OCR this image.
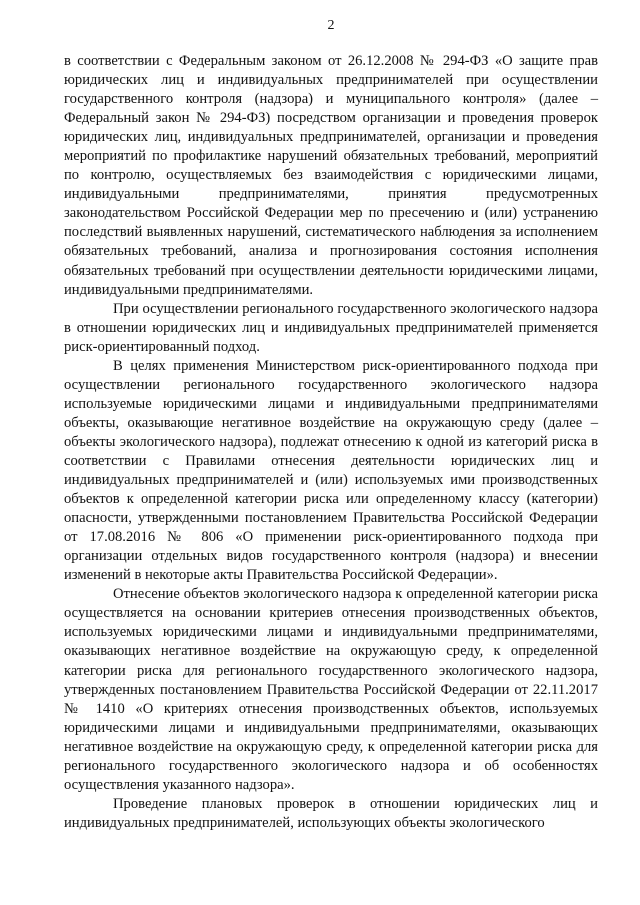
2

в соответствии с Федеральным законом от 26.12.2008 № 294-ФЗ «О защите прав юридических лиц и индивидуальных предпринимателей при осуществлении государственного контроля (надзора) и муниципального контроля» (далее – Федеральный закон № 294-ФЗ) посредством организации и проведения проверок юридических лиц, индивидуальных предпринимателей, организации и проведения мероприятий по профилактике нарушений обязательных требований, мероприятий по контролю, осуществляемых без взаимодействия с юридическими лицами, индивидуальными предпринимателями, принятия предусмотренных законодательством Российской Федерации мер по пресечению и (или) устранению последствий выявленных нарушений, систематического наблюдения за исполнением обязательных требований, анализа и прогнозирования состояния исполнения обязательных требований при осуществлении деятельности юридическими лицами, индивидуальными предпринимателями.

При осуществлении регионального государственного экологического надзора в отношении юридических лиц и индивидуальных предпринимателей применяется риск-ориентированный подход.

В целях применения Министерством риск-ориентированного подхода при осуществлении регионального государственного экологического надзора используемые юридическими лицами и индивидуальными предпринимателями объекты, оказывающие негативное воздействие на окружающую среду (далее – объекты экологического надзора), подлежат отнесению к одной из категорий риска в соответствии с Правилами отнесения деятельности юридических лиц и индивидуальных предпринимателей и (или) используемых ими производственных объектов к определенной категории риска или определенному классу (категории) опасности, утвержденными постановлением Правительства Российской Федерации от 17.08.2016 № 806 «О применении риск-ориентированного подхода при организации отдельных видов государственного контроля (надзора) и внесении изменений в некоторые акты Правительства Российской Федерации».

Отнесение объектов экологического надзора к определенной категории риска осуществляется на основании критериев отнесения производственных объектов, используемых юридическими лицами и индивидуальными предпринимателями, оказывающих негативное воздействие на окружающую среду, к определенной категории риска для регионального государственного экологического надзора, утвержденных постановлением Правительства Российской Федерации от 22.11.2017 № 1410 «О критериях отнесения производственных объектов, используемых юридическими лицами и индивидуальными предпринимателями, оказывающих негативное воздействие на окружающую среду, к определенной категории риска для регионального государственного экологического надзора и об особенностях осуществления указанного надзора».

Проведение плановых проверок в отношении юридических лиц и индивидуальных предпринимателей, использующих объекты экологического
